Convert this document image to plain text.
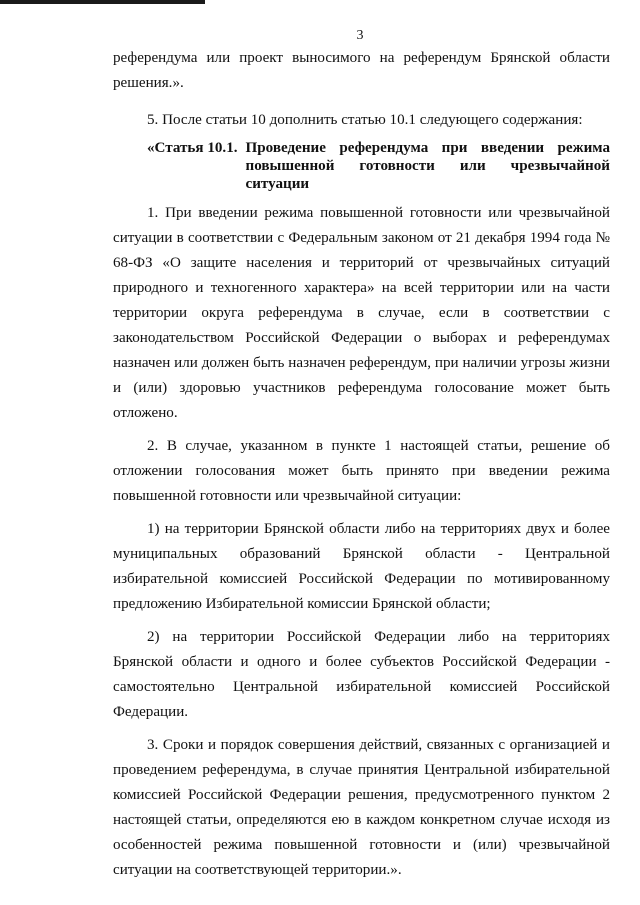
3

референдума или проект выносимого на референдум Брянской области решения.».

5. После статьи 10 дополнить статью 10.1 следующего содержания:

«Статья 10.1. Проведение референдума при введении режима повышенной готовности или чрезвычайной ситуации

1. При введении режима повышенной готовности или чрезвычайной ситуации в соответствии с Федеральным законом от 21 декабря 1994 года № 68-ФЗ «О защите населения и территорий от чрезвычайных ситуаций природного и техногенного характера» на всей территории или на части территории округа референдума в случае, если в соответствии с законодательством Российской Федерации о выборах и референдумах назначен или должен быть назначен референдум, при наличии угрозы жизни и (или) здоровью участников референдума голосование может быть отложено.

2. В случае, указанном в пункте 1 настоящей статьи, решение об отложении голосования может быть принято при введении режима повышенной готовности или чрезвычайной ситуации:

1) на территории Брянской области либо на территориях двух и более муниципальных образований Брянской области - Центральной избирательной комиссией Российской Федерации по мотивированному предложению Избирательной комиссии Брянской области;

2) на территории Российской Федерации либо на территориях Брянской области и одного и более субъектов Российской Федерации - самостоятельно Центральной избирательной комиссией Российской Федерации.

3. Сроки и порядок совершения действий, связанных с организацией и проведением референдума, в случае принятия Центральной избирательной комиссией Российской Федерации решения, предусмотренного пунктом 2 настоящей статьи, определяются ею в каждом конкретном случае исходя из особенностей режима повышенной готовности и (или) чрезвычайной ситуации на соответствующей территории.».
